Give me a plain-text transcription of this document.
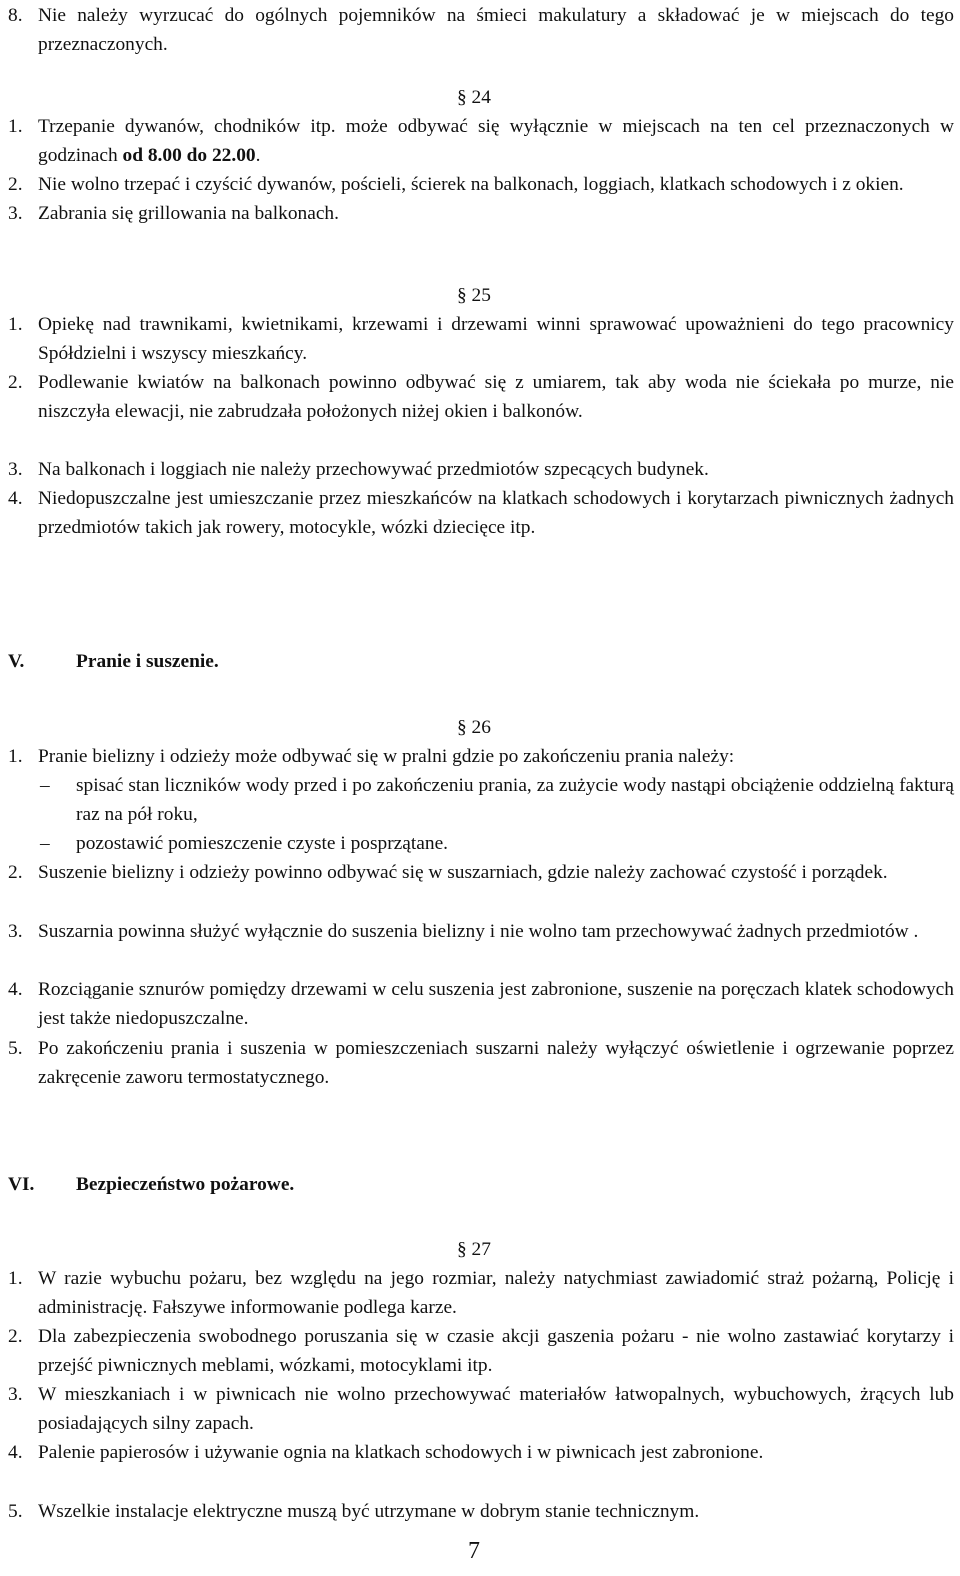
8. Nie należy wyrzucać do ogólnych pojemników na śmieci makulatury a składować je w miejscach do tego przeznaczonych.

§ 24

1. Trzepanie dywanów, chodników itp. może odbywać się wyłącznie w miejscach na ten cel przeznaczonych w godzinach od 8.00 do 22.00.

2. Nie wolno trzepać i czyścić dywanów, pościeli, ścierek na balkonach, loggiach, klatkach schodowych i z okien.

3. Zabrania się grillowania na balkonach.

§ 25

1. Opiekę nad trawnikami, kwietnikami, krzewami i drzewami winni sprawować upoważnieni do tego pracownicy Spółdzielni i wszyscy mieszkańcy.

2. Podlewanie kwiatów na balkonach powinno odbywać się z umiarem, tak aby woda nie ściekała po murze, nie niszczyła elewacji, nie zabrudzała położonych niżej okien i balkonów.

3. Na balkonach i loggiach nie należy przechowywać przedmiotów szpecących budynek.

4. Niedopuszczalne jest umieszczanie przez mieszkańców na klatkach schodowych i korytarzach piwnicznych żadnych przedmiotów takich jak rowery, motocykle, wózki dziecięce itp.

V.	Pranie i suszenie.

§ 26

1. Pranie bielizny i odzieży może odbywać się w pralni gdzie po zakończeniu prania należy:

– spisać stan liczników wody przed i po zakończeniu prania, za zużycie wody nastąpi obciążenie oddzielną fakturą raz na pół roku,

– pozostawić pomieszczenie czyste i posprzątane.

2. Suszenie bielizny i odzieży powinno odbywać się w suszarniach, gdzie należy zachować czystość i porządek.

3. Suszarnia powinna służyć wyłącznie do suszenia bielizny i nie wolno tam przechowywać żadnych przedmiotów .

4. Rozciąganie sznurów pomiędzy drzewami w celu suszenia jest zabronione, suszenie na poręczach klatek schodowych jest także niedopuszczalne.

5. Po zakończeniu prania i suszenia w pomieszczeniach suszarni należy wyłączyć oświetlenie i ogrzewanie poprzez zakręcenie zaworu termostatycznego.

VI. Bezpieczeństwo pożarowe.

§ 27

1. W razie wybuchu pożaru, bez względu na jego rozmiar, należy natychmiast zawiadomić straż pożarną, Policję i administrację. Fałszywe informowanie podlega karze.

2. Dla zabezpieczenia swobodnego poruszania się w czasie akcji gaszenia pożaru - nie wolno zastawiać korytarzy i przejść piwnicznych meblami, wózkami, motocyklami itp.

3. W mieszkaniach i w piwnicach nie wolno przechowywać materiałów łatwopalnych, wybuchowych, żrących lub posiadających silny zapach.

4. Palenie papierosów i używanie ognia na klatkach schodowych i w piwnicach jest zabronione.

5. Wszelkie instalacje elektryczne muszą być utrzymane w dobrym stanie technicznym.

7
